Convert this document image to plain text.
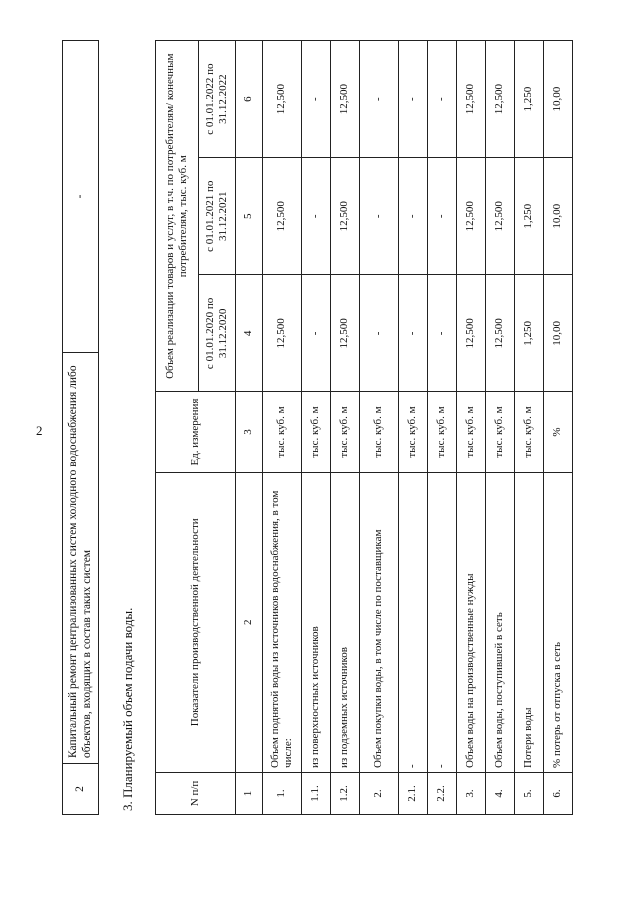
2
2	Капитальный ремонт централизованных систем холодного водоснабжения либо объектов, входящих в состав таких систем	-
3. Планируемый объем подачи воды.	N п/п	Показатели производственной деятельности	Ед. измерения	Объем реализации товаров и услуг, в т.ч. по потребителям/ конечным потребителям, тыс. куб. м		
			с 01.01.2020 по 31.12.2020	с 01.01.2021 по 31.12.2021	с 01.01.2022 по 31.12.2022
1	2	3	4	5	6
1.	Объем поднятой воды из источников водоснабжения, в том числе:	тыс. куб. м	12,500	12,500	12,500
1.1.	из поверхностных источников	тыс. куб. м	-	-	-
1.2.	из подземных источников	тыс. куб. м	12,500	12,500	12,500
2.	Объем покупки воды, в том числе по поставщикам	тыс. куб. м	-	-	-
2.1.	-	тыс. куб. м	-	-	-
2.2.	-	тыс. куб. м	-	-	-
3.	Объем воды на производственные нужды	тыс. куб. м	12,500	12,500	12,500
4.	Объем воды, поступившей в сеть	тыс. куб. м	12,500	12,500	12,500
5.	Потери воды	тыс. куб. м	1,250	1,250	1,250
6.	% потерь от отпуска в сеть	%	10,00	10,00	10,00
